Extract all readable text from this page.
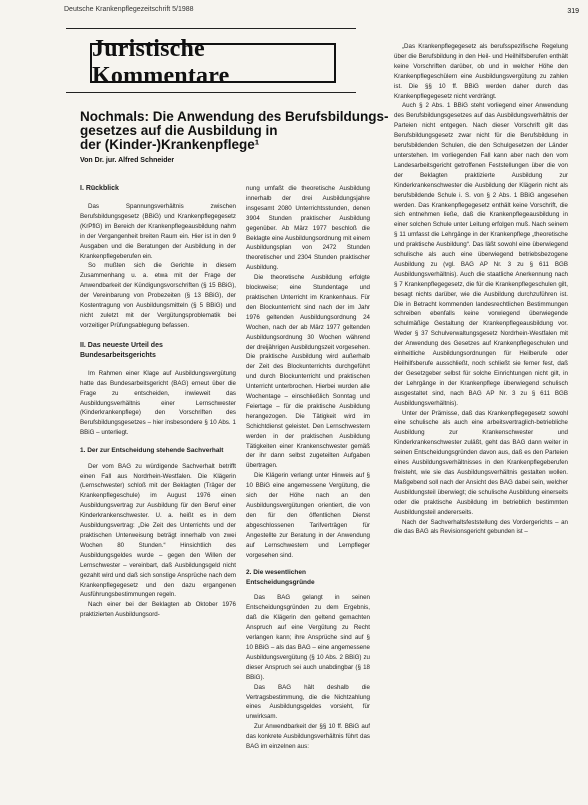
Deutsche Krankenpflegezeitschrift 5/1988	319
Juristische Kommentare
Nochmals: Die Anwendung des Berufsbildungs-
gesetzes auf die Ausbildung in
der (Kinder-)Krankenpflege¹
Von Dr. jur. Alfred Schneider
I. Rückblick

Das Spannungsverhältnis zwischen Berufsbildungsgesetz (BBiG) und Krankenpflegegesetz (KrPflG) im Bereich der Krankenpflegeausbildung nahm in der Vergangenheit breiten Raum ein. Hier ist in den 9 Ausgaben und die Beratungen der Ausbildung in der Krankenpflegeberufen ein.

So mußten sich die Gerichte in diesem Zusammenhang u. a. etwa mit der Frage der Anwendbarkeit der Kündigungsvorschriften (§ 15 BBiG), der Vereinbarung von Probezeiten (§ 13 BBiG), der Kostentragung von Ausbildungsmitteln (§ 5 BBiG) und nicht zuletzt mit der Vergütungsproblematik bei vorzeitiger Prüfungsablegung befassen.

II. Das neueste Urteil des Bundesarbeitsgerichts

Im Rahmen einer Klage auf Ausbildungsvergütung hatte das Bundesarbeitsgericht (BAG) erneut über die Frage zu entscheiden, inwieweit das Ausbildungsverhältnis einer Lernschwester (Kinderkrankenpflege) den Vorschriften des Berufsbildungsgesetzes – hier insbesondere § 10 Abs. 1 BBiG – unterliegt.

1. Der zur Entscheidung stehende Sachverhalt

Der vom BAG zu würdigende Sachverhalt betrifft einen Fall aus Nordrhein-Westfalen. Die Klägerin (Lernschwester) schloß mit der Beklagten (Träger der Krankenpflegeschule) im August 1976 einen Ausbildungsvertrag zur Ausbildung für den Beruf einer Kinderkrankenschwester. U. a. heißt es in dem Ausbildungsvertrag: „Die Zeit des Unterrichts und der praktischen Unterweisung beträgt innerhalb von zwei Wochen 80 Stunden.“ Hinsichtlich des Ausbildungsgeldes wurde – gegen den Willen der Lernschwester – vereinbart, daß Ausbildungsgeld nicht gezahlt wird und daß sich sonstige Ansprüche nach dem Krankenpflegegesetz und den dazu ergangenen Ausführungsbestimmungen regeln.

Nach einer bei der Beklagten ab Oktober 1976 praktizierten Ausbildungsord-

nung umfaßt die theoretische Ausbildung innerhalb der drei Ausbildungsjahre insgesamt 2080 Unterrichtsstunden, denen 3904 Stunden praktischer Ausbildung gegenüber. Ab März 1977 beschloß die Beklagte eine Ausbildungsordnung mit einem Ausbildungsplan von 2472 Stunden theoretischer und 2304 Stunden praktischer Ausbildung.

Die theoretische Ausbildung erfolgte blockweise; eine Stundentage und praktischen Unterricht im Krankenhaus. Für den Blockunterricht sind nach der im Jahr 1976 geltenden Ausbildungsordnung 24 Wochen, nach der ab März 1977 geltenden Ausbildungsordnung 30 Wochen während der dreijährigen Ausbildungszeit vorgesehen. Die praktische Ausbildung wird außerhalb der Zeit des Blockunterrichts durchgeführt und durch Blockunterricht und praktischen Unterricht unterbrochen. Hierbei wurden alle Wochentage – einschließlich Sonntag und Feiertage – für die praktische Ausbildung herangezogen. Die Tätigkeit wird im Schichtdienst geleistet. Den Lernschwestern werden in der praktischen Ausbildung Tätigkeiten einer Krankenschwester gemäß der ihr dann selbst zugeteilten Aufgaben übertragen.

Die Klägerin verlangt unter Hinweis auf § 10 BBiG eine angemessene Vergütung, die sich der Höhe nach an den Ausbildungsvergütungen orientiert, die von den für den öffentlichen Dienst abgeschlossenen Tarifverträgen für Angestellte zur Beratung in der Anwendung auf Lernschwestern und Lernpfleger vorgesehen sind.

2. Die wesentlichen Entscheidungsgründe

Das BAG gelangt in seinen Entscheidungsgründen zu dem Ergebnis, daß die Klägerin den geltend gemachten Anspruch auf eine Vergütung zu Recht verlangen kann; ihre Ansprüche sind auf § 10 BBiG – als das BAG – eine angemessene Ausbildungsvergütung (§ 10 Abs. 2 BBiG) zu dieser Anspruch sei auch unabdingbar (§ 18 BBiG).

Das BAG hält deshalb die Vertragsbestimmung, die die Nichtzahlung eines Ausbildungsgeldes vorsieht, für unwirksam.

Zur Anwendbarkeit der §§ 10 ff. BBiG auf das konkrete Ausbildungsverhältnis führt das BAG im einzelnen aus:

„Das Krankenpflegegesetz als berufsspezifische Regelung über die Berufsbildung in den Heil- und Heilhilfsberufen enthält keine Vorschriften darüber, ob und in welcher Höhe den Krankenpflegeschülern eine Ausbildungsvergütung zu zahlen ist. Die §§ 10 ff. BBiG werden daher durch das Krankenpflegegesetz nicht verdrängt.

Auch § 2 Abs. 1 BBiG steht vorliegend einer Anwendung des Berufsbildungsgesetzes auf das Ausbildungsverhältnis der Parteien nicht entgegen. Nach dieser Vorschrift gilt das Berufsbildungsgesetz zwar nicht für die Berufsbildung in berufsbildenden Schulen, die den Schulgesetzen der Länder unterstehen. Im vorliegenden Fall kann aber nach den vom Landesarbeitsgericht getroffenen Feststellungen über die von der Beklagten praktizierte Ausbildung zur Kinderkrankenschwester die Ausbildung der Klägerin nicht als berufsbildende Schule i. S. von § 2 Abs. 1 BBiG angesehen werden. Das Krankenpflegegesetz enthält keine Vorschrift, die sich entnehmen ließe, daß die Krankenpflegeausbildung in einer solchen Schule unter Leitung erfolgen muß. Nach seinem § 11 umfasst die Lehrgänge in der Krankenpflege „theoretische und praktische Ausbildung“. Das läßt sowohl eine überwiegend schulische als auch eine überwiegend betriebsbezogene Ausbildung zu (vgl. BAG AP Nr. 3 zu § 611 BGB Ausbildungsverhältnis). Auch die staatliche Anerkennung nach § 7 Krankenpflegegesetz, die für die Krankenpflegeschulen gilt, besagt nichts darüber, wie die Ausbildung durchzuführen ist. Die in Betracht kommenden landesrechtlichen Bestimmungen schreiben ebenfalls keine vorwiegend überwiegende schulmäßige Gestaltung der Krankenpflegeausbildung vor. Weder § 37 Schulverwaltungsgesetz Nordrhein-Westfalen mit der Anwendung des Gesetzes auf Krankenpflegeschulen und einheitliche Ausbildungsordnungen für Heilberufe oder Heilhilfsberufe ausschließt, noch schließt sie ferner fest, daß der Gesetzgeber selbst für solche Einrichtungen nicht gilt, in der Lehrgänge in der Krankenpflege überwiegend schulisch ausgestaltet sind, nach BAG AP Nr. 3 zu § 611 BGB Ausbildungsverhältnis).

Unter der Prämisse, daß das Krankenpflegegesetz sowohl eine schulische als auch eine arbeitsvertraglich-betriebliche Ausbildung zur Krankenschwester und Kinderkrankenschwester zuläßt, geht das BAG dann weiter in seinen Entscheidungsgründen davon aus, daß es den Parteien eines Ausbildungsverhältnisses in den Krankenpflegeberufen freisteht, wie sie das Ausbildungsverhältnis gestalten wollen. Maßgebend soll nach der Ansicht des BAG dabei sein, welcher Ausbildungsteil überwiegt; die schulische Ausbildung einerseits oder die praktische Ausbildung im betrieblich bestimmten Ausbildungsteil andererseits.

Nach der Sachverhaltsfeststellung des Vordergerichts – an die das BAG als Revisionsgericht gebunden ist –
